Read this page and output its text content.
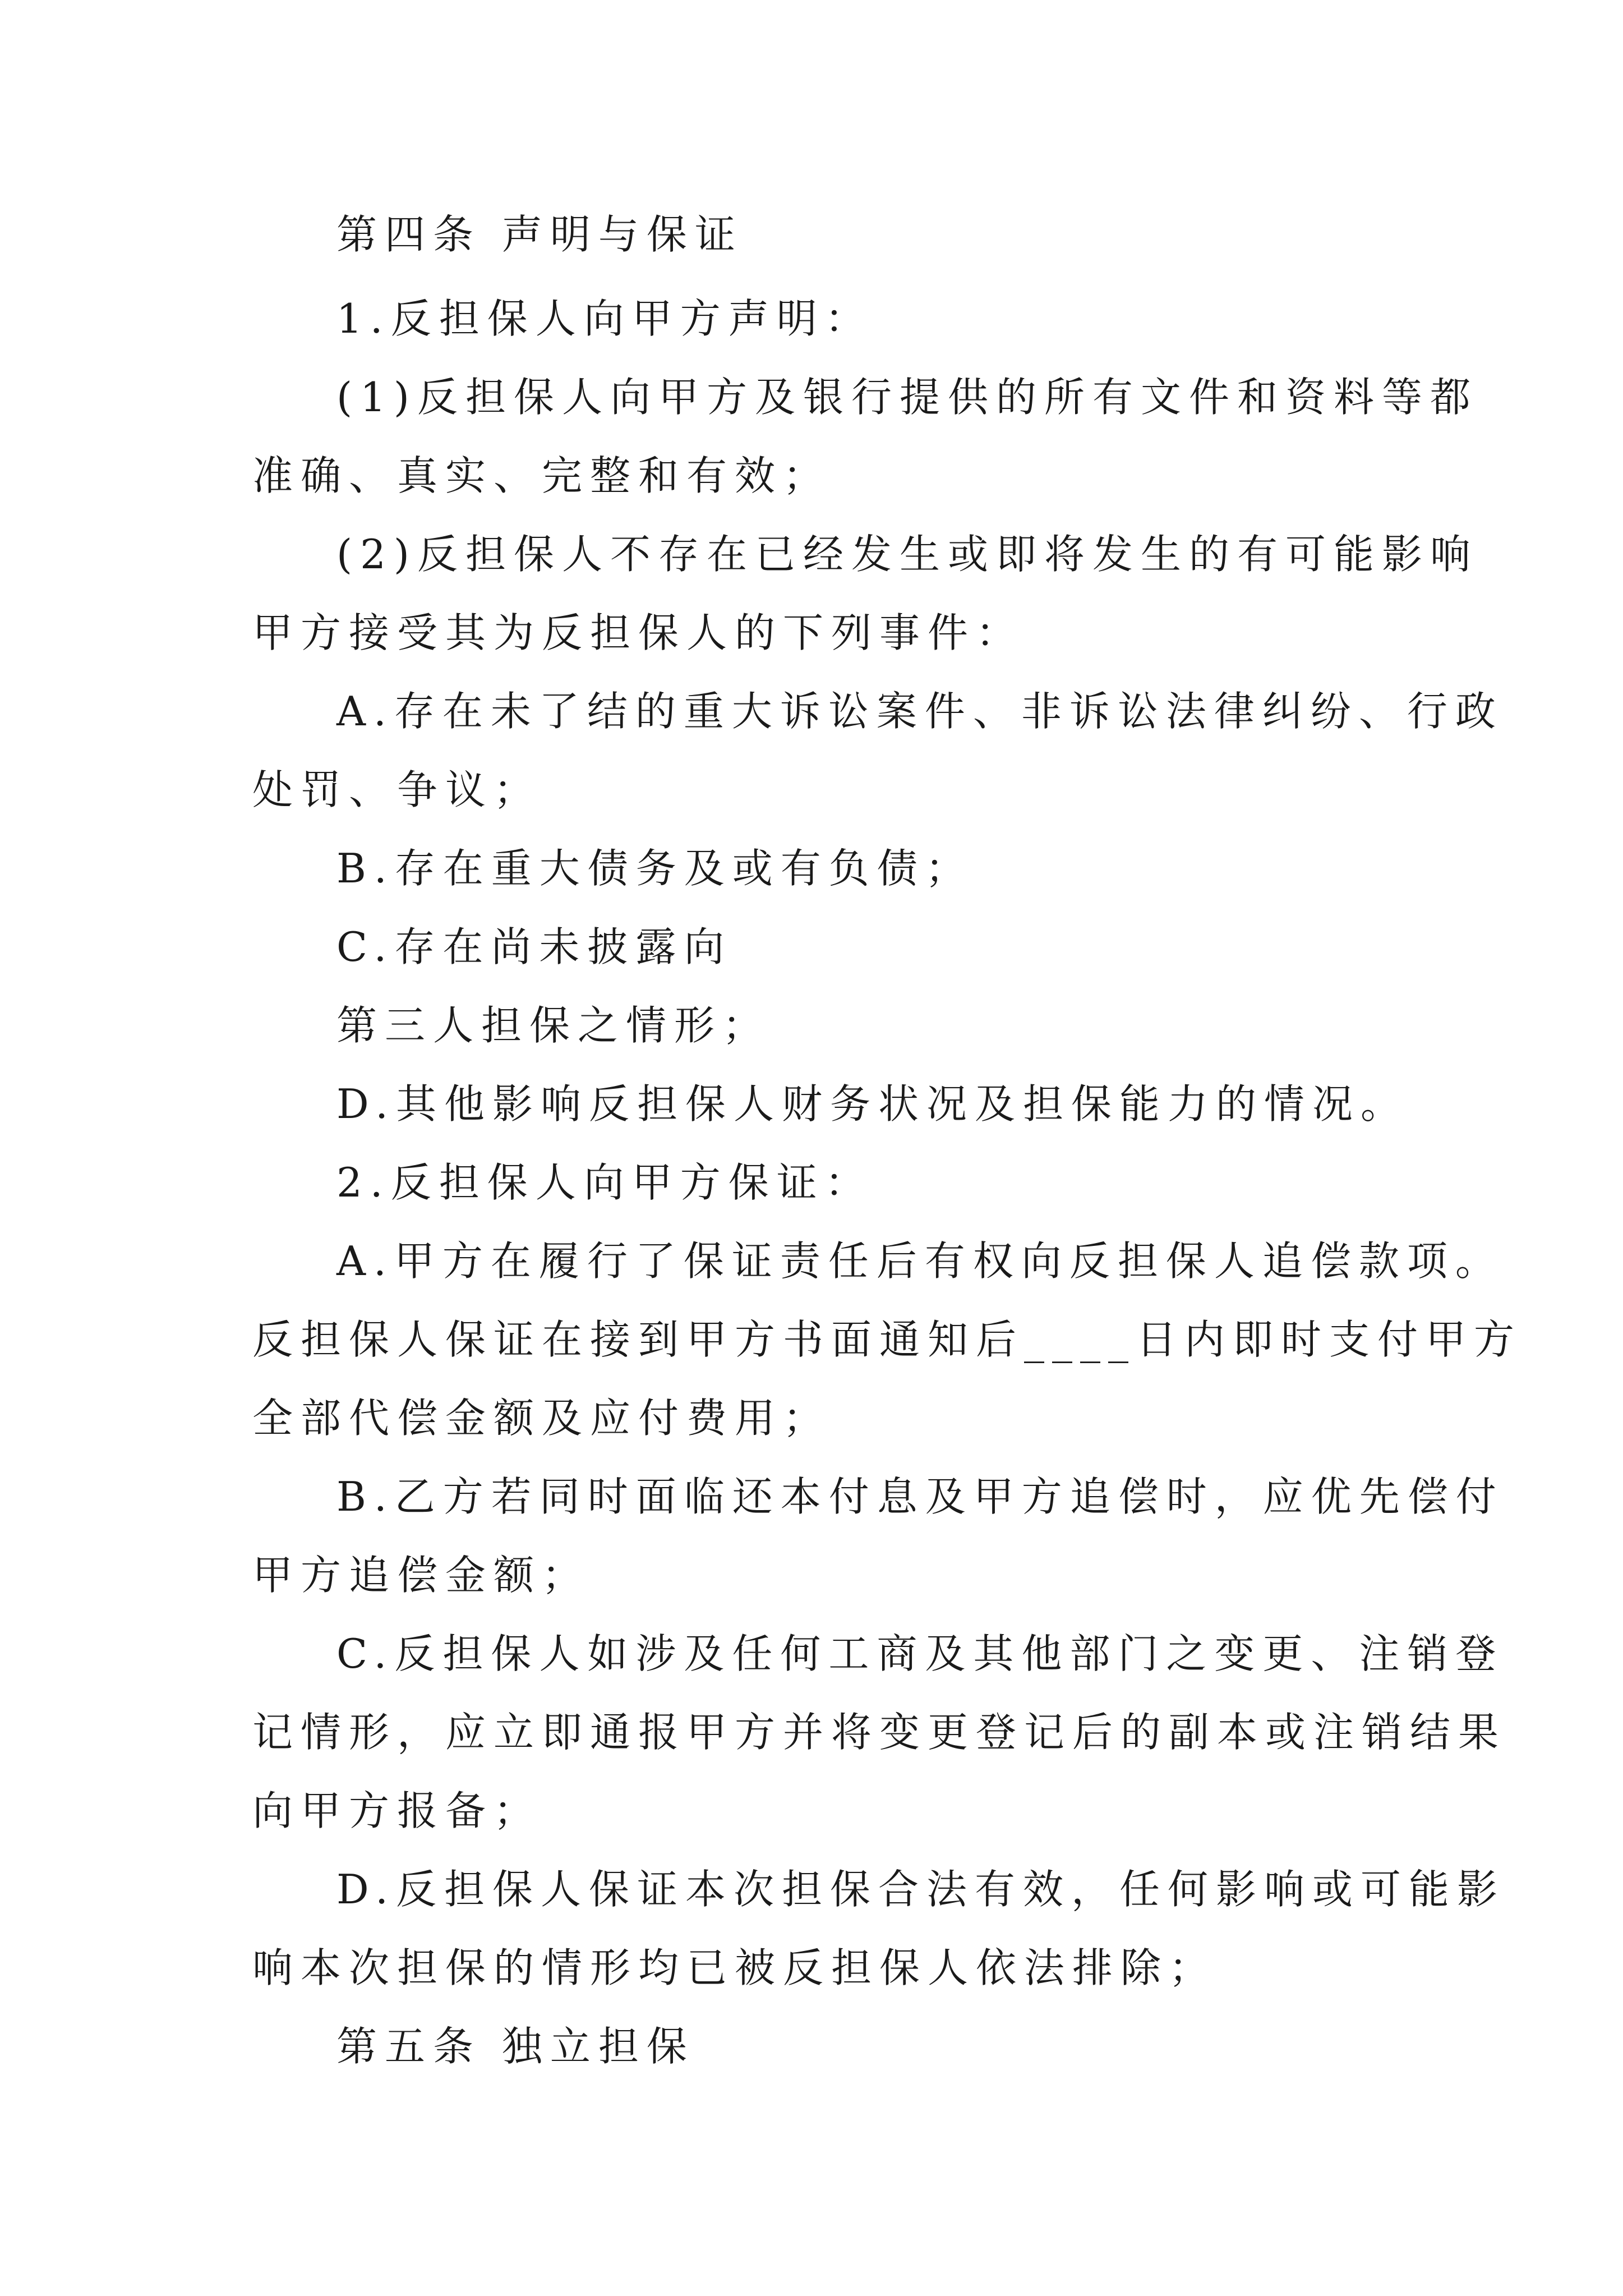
第四条 声明与保证
1.反担保人向甲方声明：
(1)反担保人向甲方及银行提供的所有文件和资料等都
准确、真实、完整和有效；
(2)反担保人不存在已经发生或即将发生的有可能影响
甲方接受其为反担保人的下列事件：
A.存在未了结的重大诉讼案件、非诉讼法律纠纷、行政
处罚、争议；
B.存在重大债务及或有负债；
C.存在尚未披露向
第三人担保之情形；
D.其他影响反担保人财务状况及担保能力的情况。
2.反担保人向甲方保证：
A.甲方在履行了保证责任后有权向反担保人追偿款项。
反担保人保证在接到甲方书面通知后____日内即时支付甲方
全部代偿金额及应付费用；
B.乙方若同时面临还本付息及甲方追偿时，应优先偿付
甲方追偿金额；
C.反担保人如涉及任何工商及其他部门之变更、注销登
记情形，应立即通报甲方并将变更登记后的副本或注销结果
向甲方报备；
D.反担保人保证本次担保合法有效，任何影响或可能影
响本次担保的情形均已被反担保人依法排除；
第五条 独立担保
